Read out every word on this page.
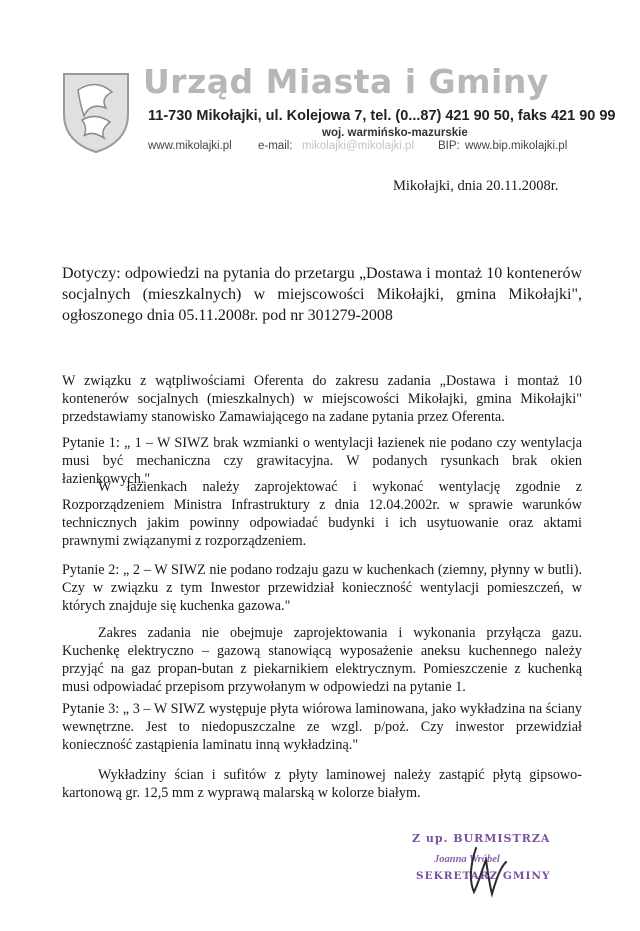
Urząd Miasta i Gminy
11-730 Mikołajki, ul. Kolejowa 7, tel. (0...87) 421 90 50, faks 421 90 99
woj. warmińsko-mazurskie
www.mikolajki.pl e-mail: mikolajki@mikolajki.pl BIP: www.bip.mikolajki.pl
Mikołajki, dnia 20.11.2008r.
Dotyczy: odpowiedzi na pytania do przetargu „Dostawa i montaż 10 kontenerów socjalnych (mieszkalnych) w miejscowości Mikołajki, gmina Mikołajki", ogłoszonego dnia 05.11.2008r. pod nr 301279-2008

W związku z wątpliwościami Oferenta do zakresu zadania „Dostawa i montaż 10 kontenerów socjalnych (mieszkalnych) w miejscowości Mikołajki, gmina Mikołajki" przedstawiamy stanowisko Zamawiającego na zadane pytania przez Oferenta.

Pytanie 1: „ 1 – W SIWZ brak wzmianki o wentylacji łazienek nie podano czy wentylacja musi być mechaniczna czy grawitacyjna. W podanych rysunkach brak okien łazienkowych."

W łazienkach należy zaprojektować i wykonać wentylację zgodnie z Rozporządzeniem Ministra Infrastruktury z dnia 12.04.2002r. w sprawie warunków technicznych jakim powinny odpowiadać budynki i ich usytuowanie oraz aktami prawnymi związanymi z rozporządzeniem.

Pytanie 2: „ 2 – W SIWZ nie podano rodzaju gazu w kuchenkach (ziemny, płynny w butli). Czy w związku z tym Inwestor przewidział konieczność wentylacji pomieszczeń, w których znajduje się kuchenka gazowa."

Zakres zadania nie obejmuje zaprojektowania i wykonania przyłącza gazu. Kuchenkę elektryczno – gazową stanowiącą wyposażenie aneksu kuchennego należy przyjąć na gaz propan-butan z piekarnikiem elektrycznym. Pomieszczenie z kuchenką musi odpowiadać przepisom przywołanym w odpowiedzi na pytanie 1.

Pytanie 3: „ 3 – W SIWZ występuje płyta wiórowa laminowana, jako wykładzina na ściany wewnętrzne. Jest to niedopuszczalne ze wzgl. p/poż. Czy inwestor przewidział konieczność zastąpienia laminatu inną wykładziną."

Wykładziny ścian i sufitów z płyty laminowej należy zastąpić płytą gipsowo-kartonową gr. 12,5 mm z wyprawą malarską w kolorze białym.

Z up. BURMISTRZA
Joanna Wróbel
SEKRETARZ GMINY
